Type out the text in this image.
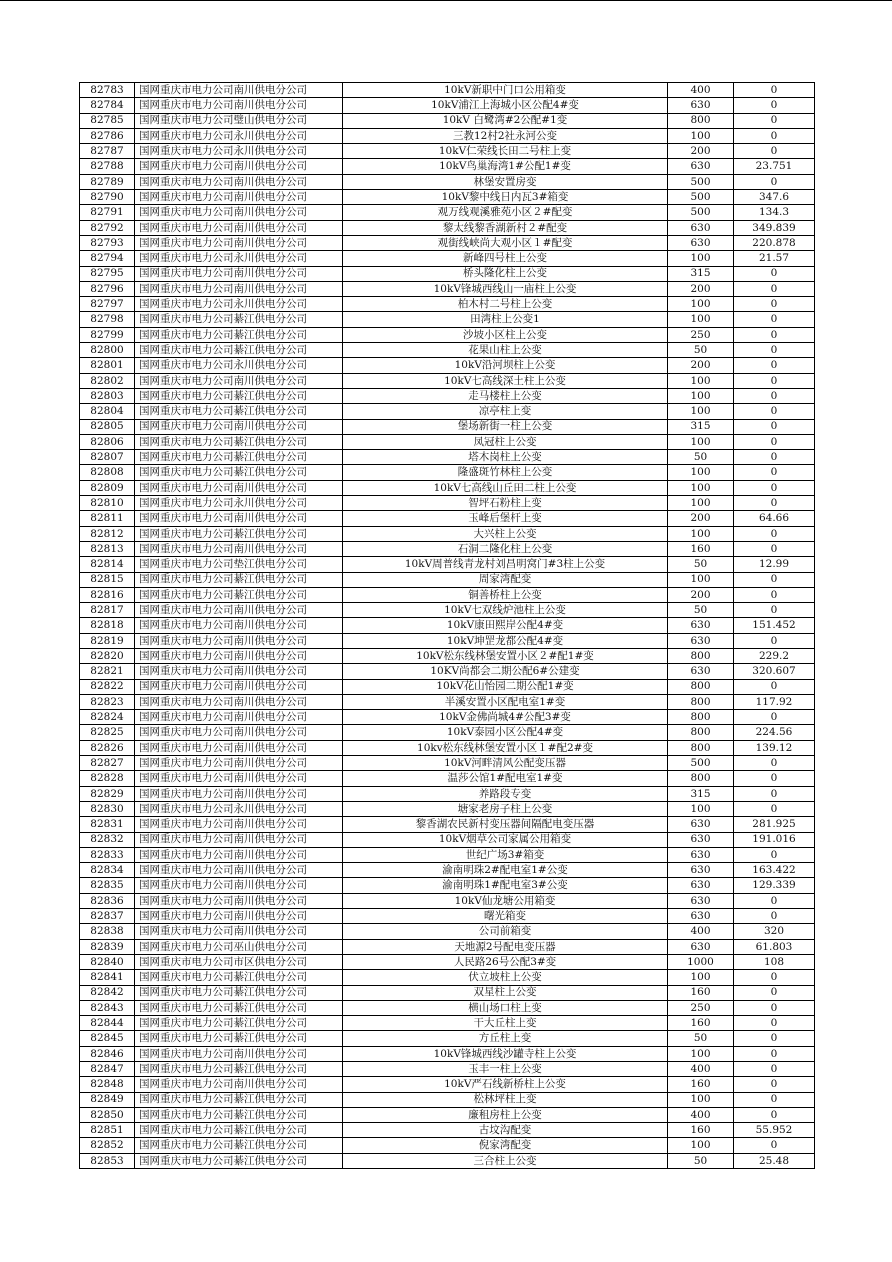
82783	国网重庆市电力公司南川供电分公司	10kV新职中门口公用箱变	400	0
82784	国网重庆市电力公司南川供电分公司	10kV浦江上海城小区公配4#变	630	0
82785	国网重庆市电力公司璧山供电分公司	10kV 白鹭湾#2公配#1变	800	0
82786	国网重庆市电力公司永川供电分公司	三教12村2社永河公变	100	0
82787	国网重庆市电力公司永川供电分公司	10kV仁荣线长田二号柱上变	200	0
82788	国网重庆市电力公司南川供电分公司	10kV鸟巢海湾1#公配1#变	630	23.751
82789	国网重庆市电力公司南川供电分公司	林堡安置房变	500	0
82790	国网重庆市电力公司南川供电分公司	10kV黎中线日内瓦3#箱变	500	347.6
82791	国网重庆市电力公司南川供电分公司	观万线观溪雅苑小区２#配变	500	134.3
82792	国网重庆市电力公司南川供电分公司	黎太线黎香湖新村２#配变	630	349.839
82793	国网重庆市电力公司南川供电分公司	观街线峡尚大观小区１#配变	630	220.878
82794	国网重庆市电力公司永川供电分公司	新峰四号柱上公变	100	21.57
82795	国网重庆市电力公司南川供电分公司	桥头隆化柱上公变	315	0
82796	国网重庆市电力公司南川供电分公司	10kV锋城西线山一庙柱上公变	200	0
82797	国网重庆市电力公司永川供电分公司	柏木村二号柱上公变	100	0
82798	国网重庆市电力公司綦江供电分公司	田湾柱上公变1	100	0
82799	国网重庆市电力公司綦江供电分公司	沙坡小区柱上公变	250	0
82800	国网重庆市电力公司綦江供电分公司	花果山柱上公变	50	0
82801	国网重庆市电力公司永川供电分公司	10kV沿河坝柱上公变	200	0
82802	国网重庆市电力公司南川供电分公司	10kV七高线深土柱上公变	100	0
82803	国网重庆市电力公司綦江供电分公司	走马楼柱上公变	100	0
82804	国网重庆市电力公司綦江供电分公司	凉亭柱上变	100	0
82805	国网重庆市电力公司南川供电分公司	堡场新街一柱上公变	315	0
82806	国网重庆市电力公司綦江供电分公司	凤冠柱上公变	100	0
82807	国网重庆市电力公司綦江供电分公司	塔木岗柱上公变	50	0
82808	国网重庆市电力公司綦江供电分公司	隆盛斑竹林柱上公变	100	0
82809	国网重庆市电力公司南川供电分公司	10kV七高线山丘田二柱上公变	100	0
82810	国网重庆市电力公司永川供电分公司	智坪石粉柱上变	100	0
82811	国网重庆市电力公司南川供电分公司	玉峰后堡杆上变	200	64.66
82812	国网重庆市电力公司綦江供电分公司	大兴柱上公变	100	0
82813	国网重庆市电力公司南川供电分公司	石洞二隆化柱上公变	160	0
82814	国网重庆市电力公司垫江供电分公司	10kV周普线青龙村刘昌明窝门#3柱上公变	50	12.99
82815	国网重庆市电力公司綦江供电分公司	周家湾配变	100	0
82816	国网重庆市电力公司綦江供电分公司	铜善桥柱上公变	200	0
82817	国网重庆市电力公司南川供电分公司	10kV七双线炉池柱上公变	50	0
82818	国网重庆市电力公司南川供电分公司	10kV康田熙岸公配4#变	630	151.452
82819	国网重庆市电力公司南川供电分公司	10kV坤罡龙都公配4#变	630	0
82820	国网重庆市电力公司南川供电分公司	10kV松东线林堡安置小区２#配1#变	800	229.2
82821	国网重庆市电力公司南川供电分公司	10KV尚都会二期公配6#公建变	630	320.607
82822	国网重庆市电力公司南川供电分公司	10kV花山怡园二期公配1#变	800	0
82823	国网重庆市电力公司南川供电分公司	半溪安置小区配电室1#变	800	117.92
82824	国网重庆市电力公司南川供电分公司	10kV金佛尚城4#公配3#变	800	0
82825	国网重庆市电力公司南川供电分公司	10kV泰园小区公配4#变	800	224.56
82826	国网重庆市电力公司南川供电分公司	10kv松东线林堡安置小区１#配2#变	800	139.12
82827	国网重庆市电力公司南川供电分公司	10kV河畔清风公配变压器	500	0
82828	国网重庆市电力公司南川供电分公司	温莎公馆1#配电室1#变	800	0
82829	国网重庆市电力公司南川供电分公司	养路段专变	315	0
82830	国网重庆市电力公司永川供电分公司	塘家老房子柱上公变	100	0
82831	国网重庆市电力公司南川供电分公司	黎香湖农民新村变压器间隔配电变压器	630	281.925
82832	国网重庆市电力公司南川供电分公司	10kV烟草公司家属公用箱变	630	191.016
82833	国网重庆市电力公司南川供电分公司	世纪广场3#箱变	630	0
82834	国网重庆市电力公司南川供电分公司	渝南明珠2#配电室1#公变	630	163.422
82835	国网重庆市电力公司南川供电分公司	渝南明珠1#配电室3#公变	630	129.339
82836	国网重庆市电力公司南川供电分公司	10kV仙龙塘公用箱变	630	0
82837	国网重庆市电力公司南川供电分公司	曙光箱变	630	0
82838	国网重庆市电力公司南川供电分公司	公司前箱变	400	320
82839	国网重庆市电力公司巫山供电分公司	天地源2号配电变压器	630	61.803
82840	国网重庆市电力公司市区供电分公司	人民路26号公配3#变	1000	108
82841	国网重庆市电力公司綦江供电分公司	伏立坡柱上公变	100	0
82842	国网重庆市电力公司綦江供电分公司	双星柱上公变	160	0
82843	国网重庆市电力公司綦江供电分公司	横山场口柱上变	250	0
82844	国网重庆市电力公司綦江供电分公司	干大丘柱上变	160	0
82845	国网重庆市电力公司綦江供电分公司	方丘柱上变	50	0
82846	国网重庆市电力公司南川供电分公司	10kV锋城西线沙罐寺柱上公变	100	0
82847	国网重庆市电力公司綦江供电分公司	玉丰一柱上公变	400	0
82848	国网重庆市电力公司南川供电分公司	10kV严石线新桥柱上公变	160	0
82849	国网重庆市电力公司綦江供电分公司	松林坪柱上变	100	0
82850	国网重庆市电力公司綦江供电分公司	廉租房柱上公变	400	0
82851	国网重庆市电力公司綦江供电分公司	古坟沟配变	160	55.952
82852	国网重庆市电力公司綦江供电分公司	倪家湾配变	100	0
82853	国网重庆市电力公司綦江供电分公司	三合柱上公变	50	25.48
